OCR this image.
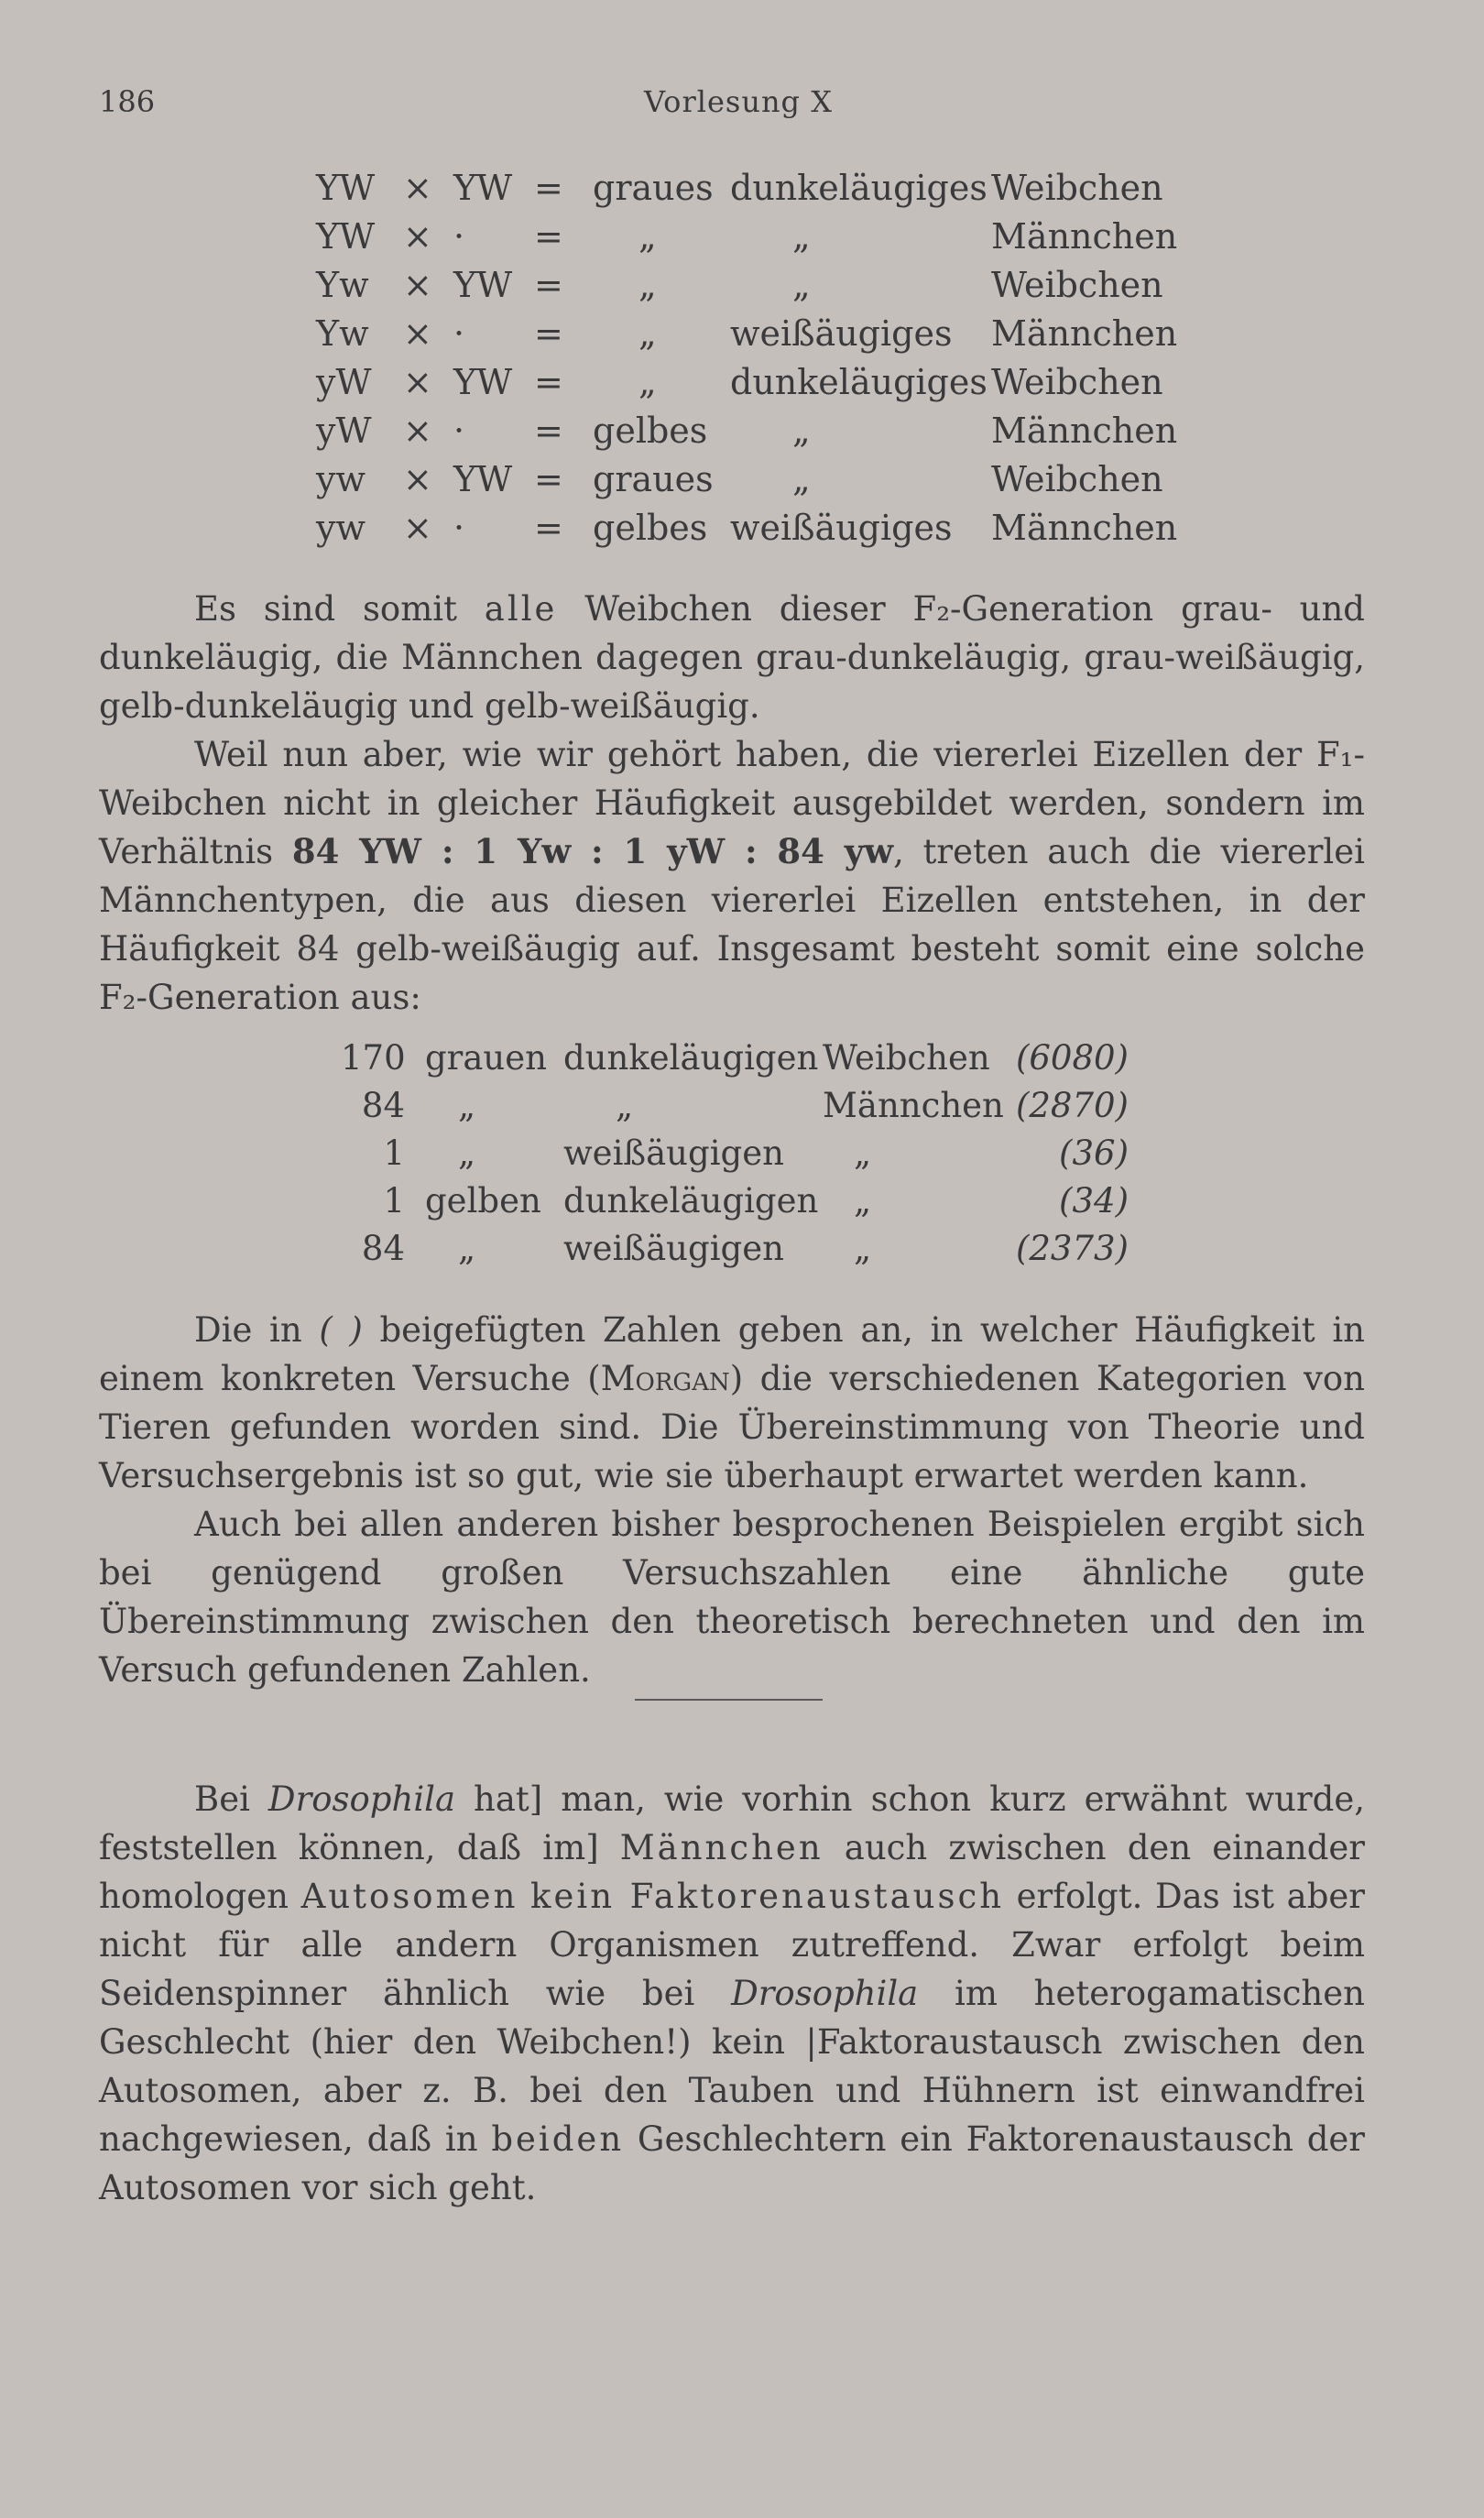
186	Vorlesung X
YW × YW = graues dunkeläugiges Weibchen
YW × · = „	„	Männchen
Yw × YW = „	„	Weibchen
Yw × · = „ weißäugiges Männchen
yW × YW = „ dunkeläugiges Weibchen
yW × · = gelbes „	Männchen
yw × YW = graues „	Weibchen
yw × · = gelbes weißäugiges Männchen

Es sind somit alle Weibchen dieser F₂-Generation grau- und dunkeläugig, die Männchen dagegen grau-dunkeläugig, grau-weißäugig, gelb-dunkeläugig und gelb-weißäugig.

Weil nun aber, wie wir gehört haben, die viererlei Eizellen der F₁-Weibchen nicht in gleicher Häufigkeit ausgebildet werden, sondern im Verhältnis 84 YW : 1 Yw : 1 yW : 84 yw, treten auch die viererlei Männchentypen, die aus diesen viererlei Eizellen entstehen, in der Häufigkeit 84 gelb-weißäugig auf. Insgesamt besteht somit eine solche F₂-Generation aus:

170 grauen dunkeläugigen Weibchen (6080)
84 „	„	Männchen (2870)
1 „	weißäugigen „	(36)
1 gelben dunkeläugigen „	(34)
84 „	weißäugigen „	(2373)

Die in ( ) beigefügten Zahlen geben an, in welcher Häufigkeit in einem konkreten Versuche (Morgan) die verschiedenen Kategorien von Tieren gefunden worden sind. Die Übereinstimmung von Theorie und Versuchsergebnis ist so gut, wie sie überhaupt erwartet werden kann.

Auch bei allen anderen bisher besprochenen Beispielen ergibt sich bei genügend großen Versuchszahlen eine ähnliche gute Übereinstimmung zwischen den theoretisch berechneten und den im Versuch gefundenen Zahlen.

Bei Drosophila hat] man, wie vorhin schon kurz erwähnt wurde, feststellen können, daß im] Männchen auch zwischen den einander homologen Autosomen kein Faktorenaustausch erfolgt. Das ist aber nicht für alle andern Organismen zutreffend. Zwar erfolgt beim Seidenspinner ähnlich wie bei Drosophila im heterogamatischen Geschlecht (hier den Weibchen!) kein |Faktoraustausch zwischen den Autosomen, aber z. B. bei den Tauben und Hühnern ist einwandfrei nachgewiesen, daß in beiden Geschlechtern ein Faktorenaustausch der Autosomen vor sich geht.
